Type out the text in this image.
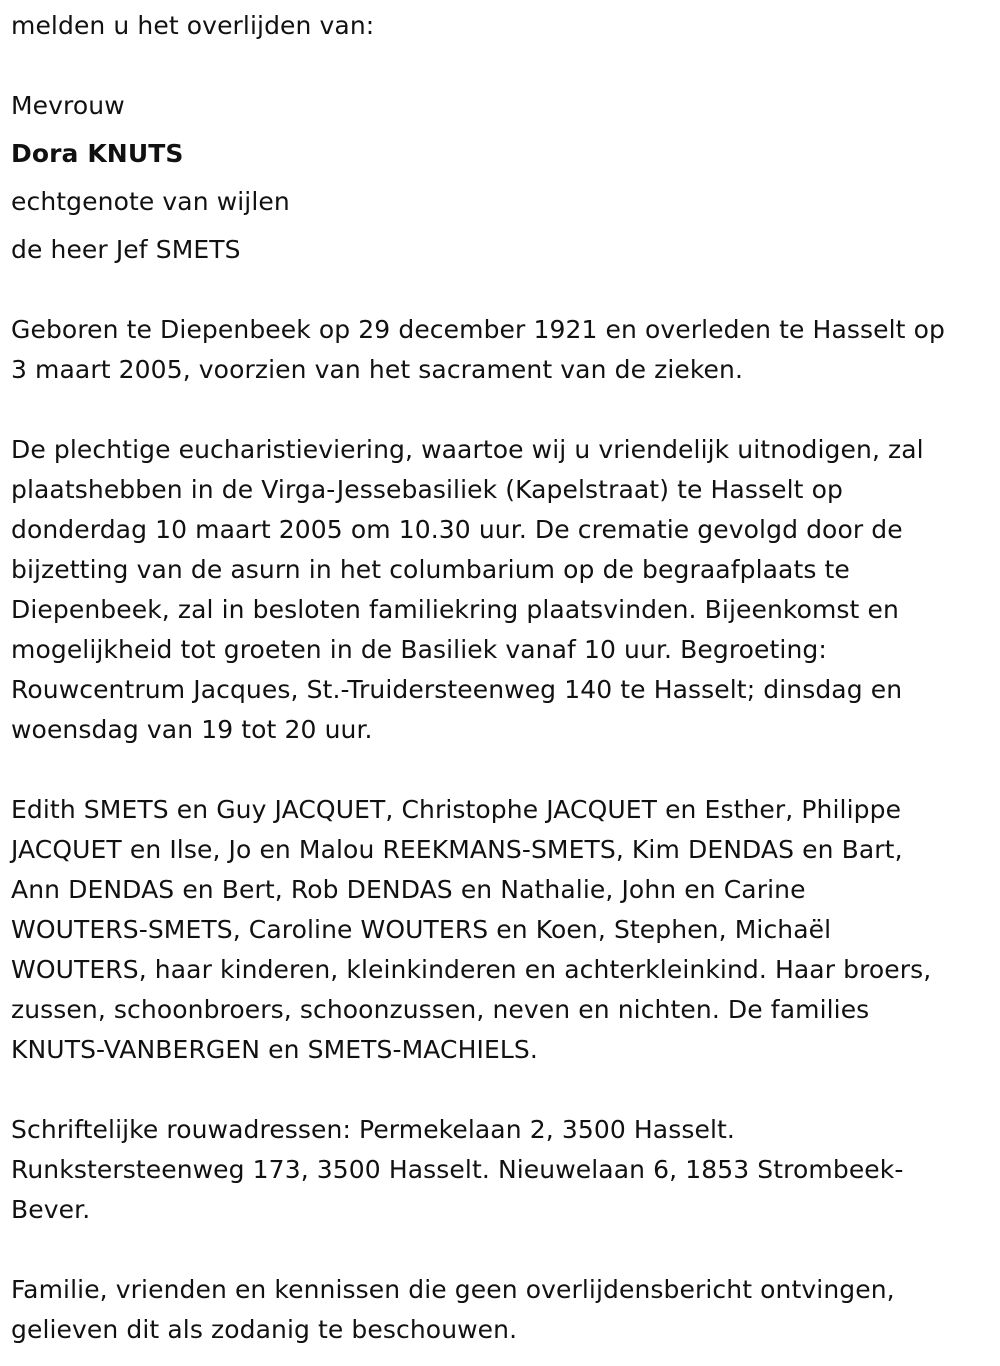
melden u het overlijden van:

Mevrouw

Dora KNUTS

echtgenote van wijlen

de heer Jef SMETS

Geboren te Diepenbeek op 29 december 1921 en overleden te Hasselt op

3 maart 2005, voorzien van het sacrament van de zieken.

De plechtige eucharistieviering, waartoe wij u vriendelijk uitnodigen, zal

plaatshebben in de Virga-Jessebasiliek (Kapelstraat) te Hasselt op

donderdag 10 maart 2005 om 10.30 uur. De crematie gevolgd door de

bijzetting van de asurn in het columbarium op de begraafplaats te

Diepenbeek, zal in besloten familiekring plaatsvinden. Bijeenkomst en

mogelijkheid tot groeten in de Basiliek vanaf 10 uur. Begroeting:

Rouwcentrum Jacques, St.-Truidersteenweg 140 te Hasselt; dinsdag en

woensdag van 19 tot 20 uur.

Edith SMETS en Guy JACQUET, Christophe JACQUET en Esther, Philippe

JACQUET en Ilse, Jo en Malou REEKMANS-SMETS, Kim DENDAS en Bart,

Ann DENDAS en Bert, Rob DENDAS en Nathalie, John en Carine

WOUTERS-SMETS, Caroline WOUTERS en Koen, Stephen, Michaël

WOUTERS, haar kinderen, kleinkinderen en achterkleinkind. Haar broers,

zussen, schoonbroers, schoonzussen, neven en nichten. De families

KNUTS-VANBERGEN en SMETS-MACHIELS.

Schriftelijke rouwadressen: Permekelaan 2, 3500 Hasselt.

Runkstersteenweg 173, 3500 Hasselt. Nieuwelaan 6, 1853 Strombeek-

Bever.

Familie, vrienden en kennissen die geen overlijdensbericht ontvingen,

gelieven dit als zodanig te beschouwen.
